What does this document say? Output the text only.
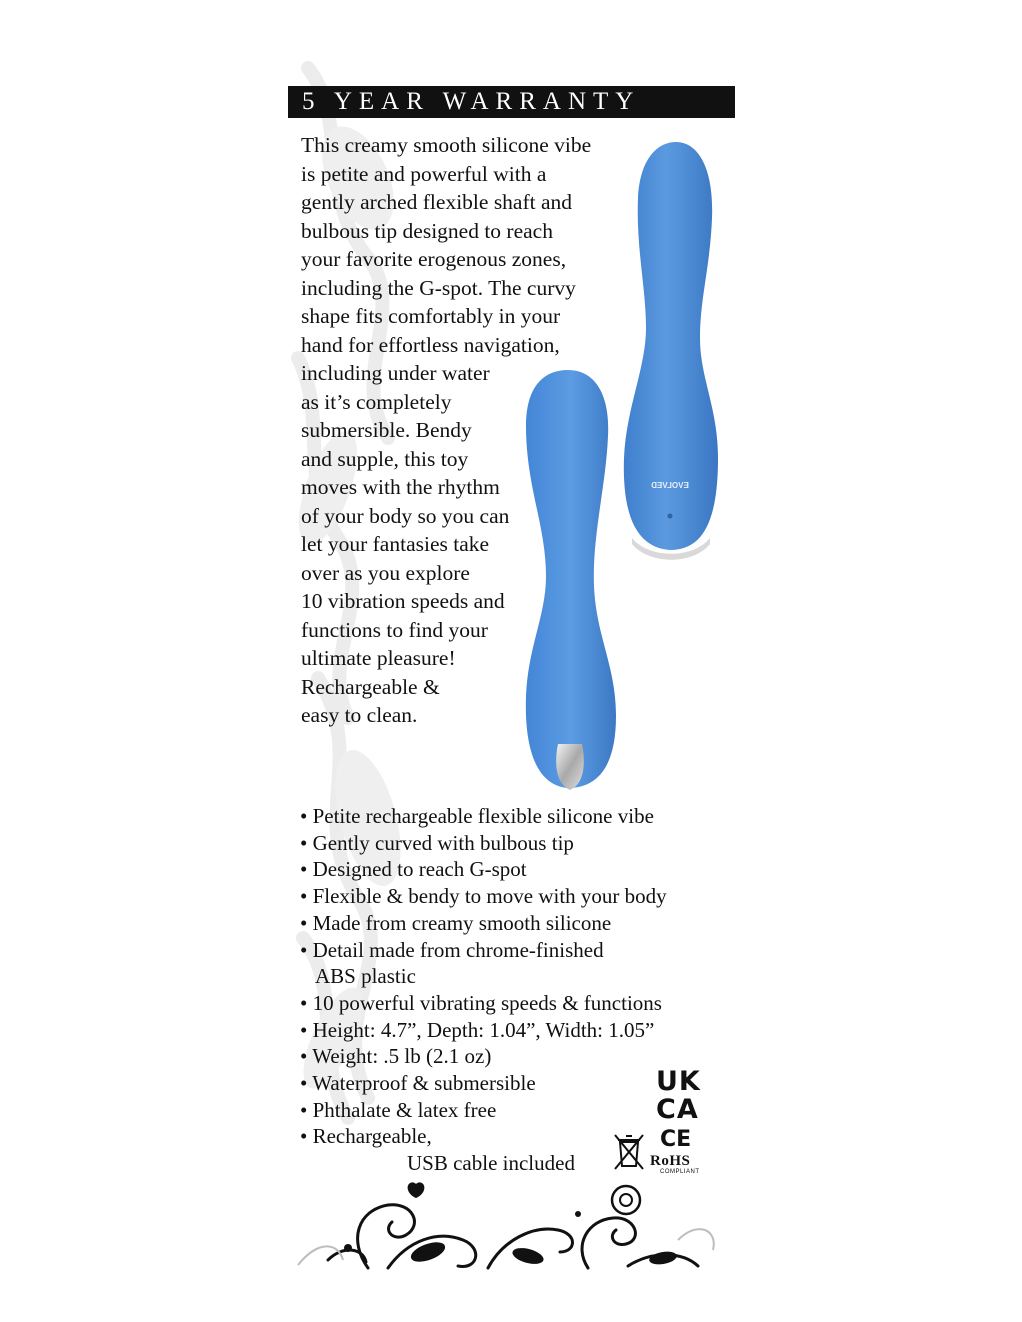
5 YEAR WARRANTY
This creamy smooth silicone vibe
is petite and powerful with a
gently arched flexible shaft and
bulbous tip designed to reach
your favorite erogenous zones,
including the G-spot. The curvy
shape fits comfortably in your
hand for effortless navigation,
including under water
as it’s completely
submersible. Bendy
and supple, this toy
moves with the rhythm
of your body so you can
let your fantasies take
over as you explore
10 vibration speeds and
functions to find your
ultimate pleasure!
Rechargeable &
easy to clean.
EVOLVED
• Petite rechargeable flexible silicone vibe
• Gently curved with bulbous tip
• Designed to reach G-spot
• Flexible & bendy to move with your body
• Made from creamy smooth silicone
• Detail made from chrome-finished
ABS plastic
• 10 powerful vibrating speeds & functions
• Height: 4.7”, Depth: 1.04”, Width: 1.05”
• Weight: .5 lb (2.1 oz)
• Waterproof & submersible
• Phthalate & latex free
• Rechargeable,
USB cable included
UK
CA
CE
RoHS
COMPLIANT
